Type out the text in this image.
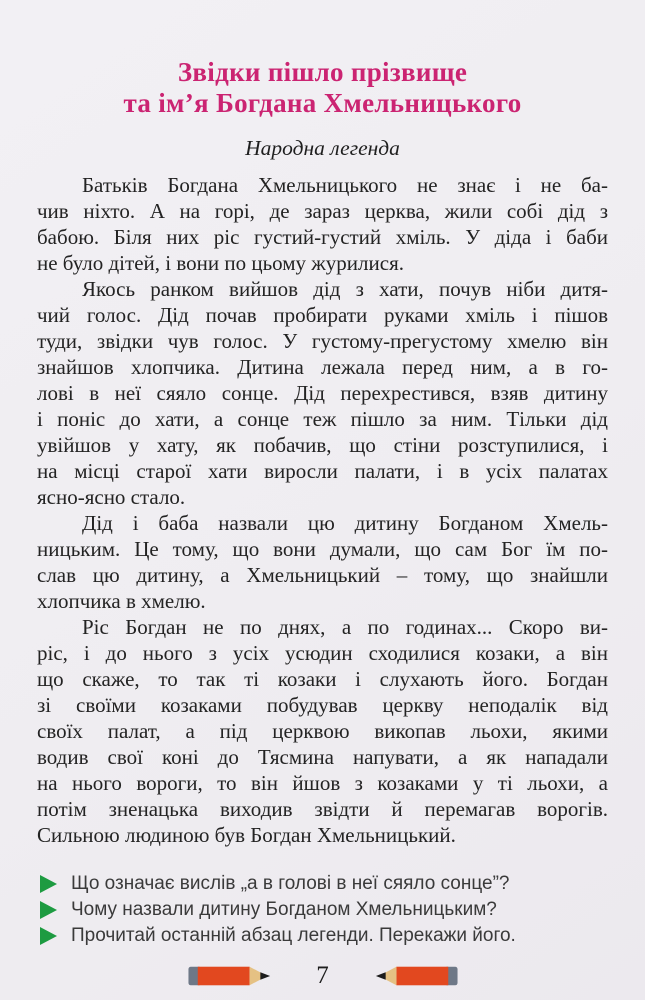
Звідки пішло прізвище
та ім’я Богдана Хмельницького
Народна легенда

Батьків Богдана Хмельницького не знає і не ба-

чив ніхто. А на горі, де зараз церква, жили собі дід з

бабою. Біля них ріс густий-густий хміль. У діда і баби

не було дітей, і вони по цьому журилися.

Якось ранком вийшов дід з хати, почув ніби дитя-

чий голос. Дід почав пробирати руками хміль і пішов

туди, звідки чув голос. У густому-прегустому хмелю він

знайшов хлопчика. Дитина лежала перед ним, а в го-

лові в неї сяяло сонце. Дід перехрестився, взяв дитину

і поніс до хати, а сонце теж пішло за ним. Тільки дід

увійшов у хату, як побачив, що стіни розступилися, і

на місці старої хати виросли палати, і в усіх палатах

ясно-ясно стало.

Дід і баба назвали цю дитину Богданом Хмель-

ницьким. Це тому, що вони думали, що сам Бог їм по-

слав цю дитину, а Хмельницький – тому, що знайшли

хлопчика в хмелю.

Ріс Богдан не по днях, а по годинах... Скоро ви-

ріс, і до нього з усіх усюдин сходилися козаки, а він

що скаже, то так ті козаки і слухають його. Богдан

зі своїми козаками побудував церкву неподалік від

своїх палат, а під церквою викопав льохи, якими

водив свої коні до Тясмина напувати, а як нападали

на нього вороги, то він йшов з козаками у ті льохи, а

потім зненацька виходив звідти й перемагав ворогів.

Сильною людиною був Богдан Хмельницький.

Що означає вислів „а в голові в неї сяяло сонце”?
Чому назвали дитину Богданом Хмельницьким?
Прочитай останній абзац легенди. Перекажи його.
7
